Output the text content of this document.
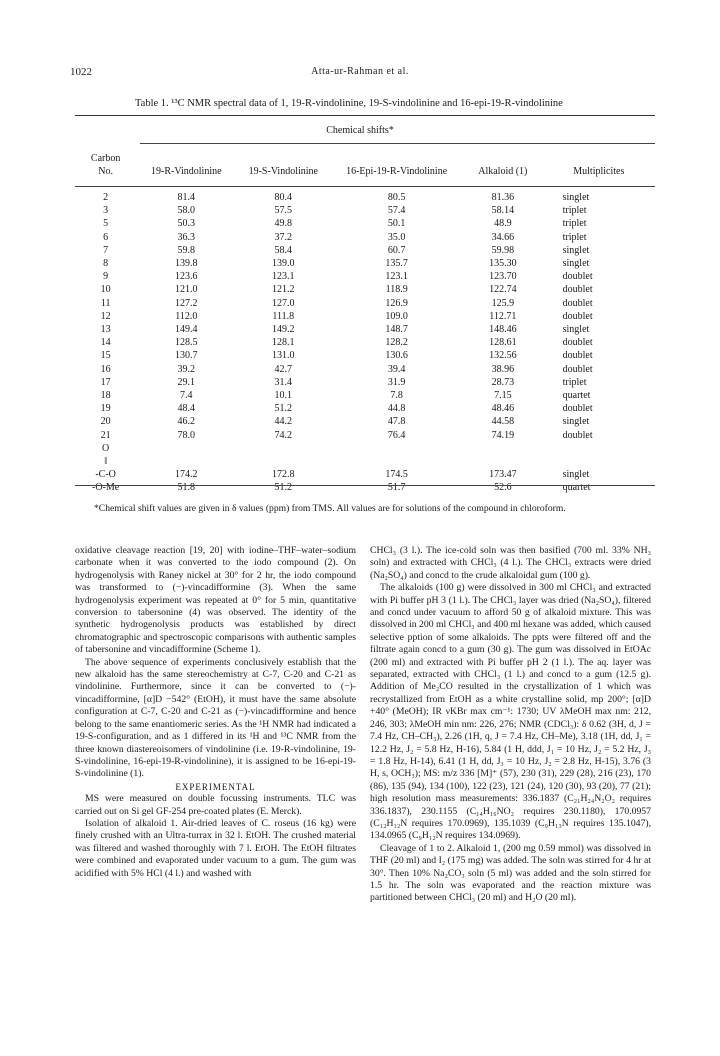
1022	Atta-ur-Rahman et al.
Table 1. ¹³C NMR spectral data of 1, 19-R-vindolinine, 19-S-vindolinine and 16-epi-19-R-vindolinine
Chemical shifts*
Carbon
No.	19-R-Vindolinine	19-S-Vindolinine	16-Epi-19-R-Vindolinine	Alkaloid (1)	Multiplicites

2	81.4	80.4	80.5	81.36	singlet
3	58.0	57.5	57.4	58.14	triplet
5	50.3	49.8	50.1	48.9	triplet
6	36.3	37.2	35.0	34.66	triplet
7	59.8	58.4	60.7	59.98	singlet
8	139.8	139.0	135.7	135.30	singlet
9	123.6	123.1	123.1	123.70	doublet
10	121.0	121.2	118.9	122.74	doublet
11	127.2	127.0	126.9	125.9	doublet
12	112.0	111.8	109.0	112.71	doublet
13	149.4	149.2	148.7	148.46	singlet
14	128.5	128.1	128.2	128.61	doublet
15	130.7	131.0	130.6	132.56	doublet
16	39.2	42.7	39.4	38.96	doublet
17	29.1	31.4	31.9	28.73	triplet
18	7.4	10.1	7.8	7.15	quartet
19	48.4	51.2	44.8	48.46	doublet
20	46.2	44.2	47.8	44.58	singlet
21	78.0	74.2	76.4	74.19	doublet
O					
‖					
-C-O	174.2	172.8	174.5	173.47	singlet
-O-Me	51.8	51.2	51.7	52.6	quartet
*Chemical shift values are given in δ values (ppm) from TMS. All values are for solutions of the compound in chloroform.

oxidative cleavage reaction [19, 20] with iodine–THF–water–sodium carbonate when it was converted to the iodo compound (2). On hydrogenolysis with Raney nickel at 30° for 2 hr, the iodo compound was transformed to (−)-vincadifformine (3). When the same hydrogenolysis experiment was repeated at 0° for 5 min, quantitative conversion to tabersonine (4) was observed. The identity of the synthetic hydrogenolysis products was established by direct chromatographic and spectroscopic comparisons with authentic samples of tabersonine and vincadifformine (Scheme 1).

The above sequence of experiments conclusively establish that the new alkaloid has the same stereochemistry at C-7, C-20 and C-21 as vindolinine. Furthermore, since it can be converted to (−)-vincadifformine, [α]D −542° (EtOH), it must have the same absolute configuration at C-7, C-20 and C-21 as (−)-vincadifformine and hence belong to the same enantiomeric series. As the ¹H NMR had indicated a 19-S-configuration, and as 1 differed in its ¹H and ¹³C NMR from the three known diastereoisomers of vindolinine (i.e. 19-R-vindolinine, 19-S-vindolinine, 16-epi-19-R-vindolinine), it is assigned to be 16-epi-19-S-vindolinine (1).

EXPERIMENTAL

MS were measured on double focussing instruments. TLC was carried out on Si gel GF-254 pre-coated plates (E. Merck).

Isolation of alkaloid 1. Air-dried leaves of C. roseus (16 kg) were finely crushed with an Ultra-turrax in 32 l. EtOH. The crushed material was filtered and washed thoroughly with 7 l. EtOH. The EtOH filtrates were combined and evaporated under vacuum to a gum. The gum was acidified with 5% HCl (4 l.) and washed with

CHCl₃ (3 l.). The ice-cold soln was then basified (700 ml. 33% NH₃ soln) and extracted with CHCl₃ (4 l.). The CHCl₃ extracts were dried (Na₂SO₄) and concd to the crude alkaloidal gum (100 g).

The alkaloids (100 g) were dissolved in 300 ml CHCl₃ and extracted with Pi buffer pH 3 (1 l.). The CHCl₃ layer was dried (Na₂SO₄), filtered and concd under vacuum to afford 50 g of alkaloid mixture. This was dissolved in 200 ml CHCl₃ and 400 ml hexane was added, which caused selective pption of some alkaloids. The ppts were filtered off and the filtrate again concd to a gum (30 g). The gum was dissolved in EtOAc (200 ml) and extracted with Pi buffer pH 2 (1 l.). The aq. layer was separated, extracted with CHCl₃ (1 l.) and concd to a gum (12.5 g). Addition of Me₂CO resulted in the crystallization of 1 which was recrystallized from EtOH as a white crystalline solid, mp 200°; [α]D +40° (MeOH); IR νKBr max cm⁻¹: 1730; UV λMeOH max nm: 212, 246, 303; λMeOH min nm: 226, 276; NMR (CDCl₃): δ 0.62 (3H, d, J = 7.4 Hz, CH–CH₃), 2.26 (1H, q, J = 7.4 Hz, CH–Me), 3.18 (1H, dd, J₁ = 12.2 Hz, J₂ = 5.8 Hz, H-16), 5.84 (1 H, ddd, J₁ = 10 Hz, J₂ = 5.2 Hz, J₃ = 1.8 Hz, H-14), 6.41 (1 H, dd, J₁ = 10 Hz, J₂ = 2.8 Hz, H-15), 3.76 (3 H, s, OCH₃); MS: m/z 336 [M]⁺ (57), 230 (31), 229 (28), 216 (23), 170 (86), 135 (94), 134 (100), 122 (23), 121 (24), 120 (30), 93 (20), 77 (21); high resolution mass measurements: 336.1837 (C₂₁H₂₄N₂O₂ requires 336.1837), 230.1155 (C₁₄H₁₆NO₂ requires 230.1180), 170.0957 (C₁₂H₁₂N requires 170.0969), 135.1039 (C₉H₁₃N requires 135.1047), 134.0965 (C₉H₁₂N requires 134.0969).

Cleavage of 1 to 2. Alkaloid 1, (200 mg 0.59 mmol) was dissolved in THF (20 ml) and I₂ (175 mg) was added. The soln was stirred for 4 hr at 30°. Then 10% Na₂CO₃ soln (5 ml) was added and the soln stirred for 1.5 hr. The soln was evaporated and the reaction mixture was partitioned between CHCl₃ (20 ml) and H₂O (20 ml).
